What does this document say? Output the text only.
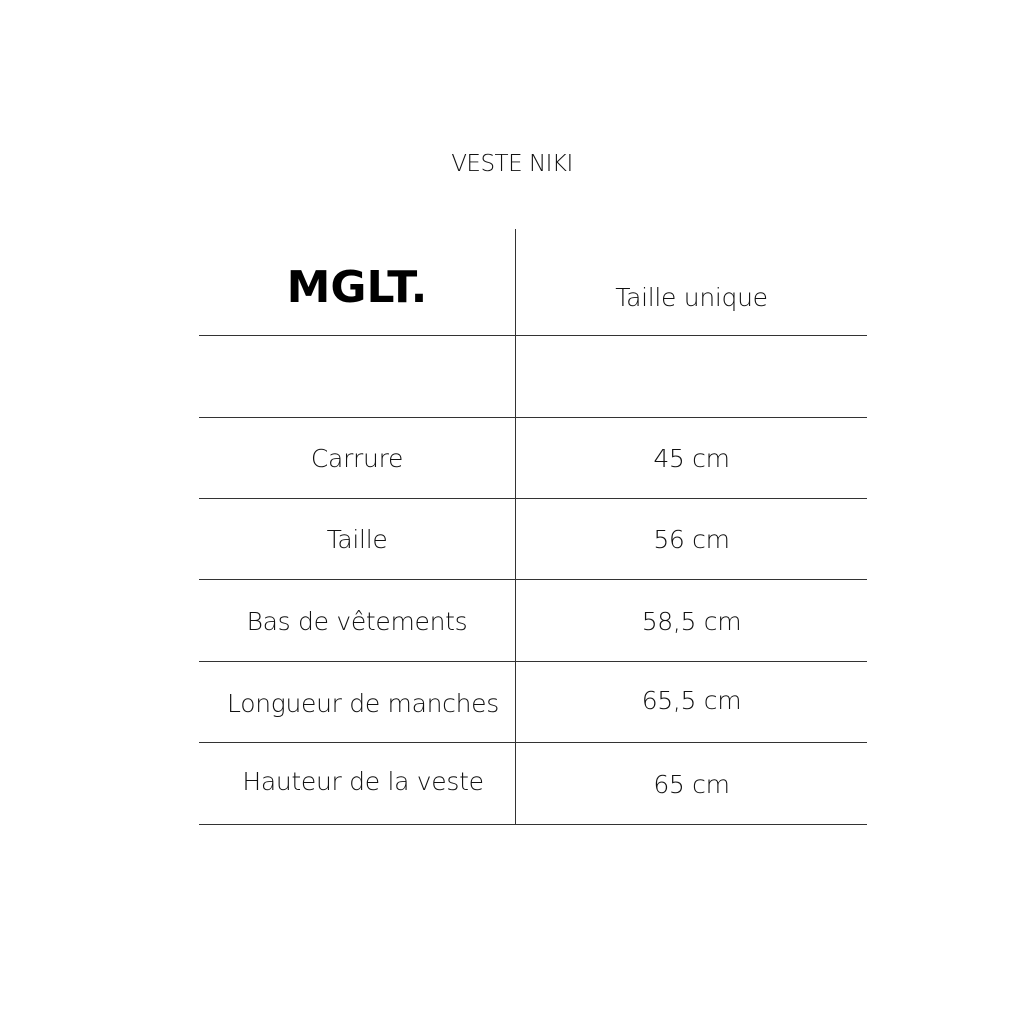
VESTE NIKI
MGLT.	Taille unique
Carrure	45 cm
Taille	56 cm
Bas de vêtements	58,5 cm
Longueur de manches	65,5 cm
Hauteur de la veste	65 cm
